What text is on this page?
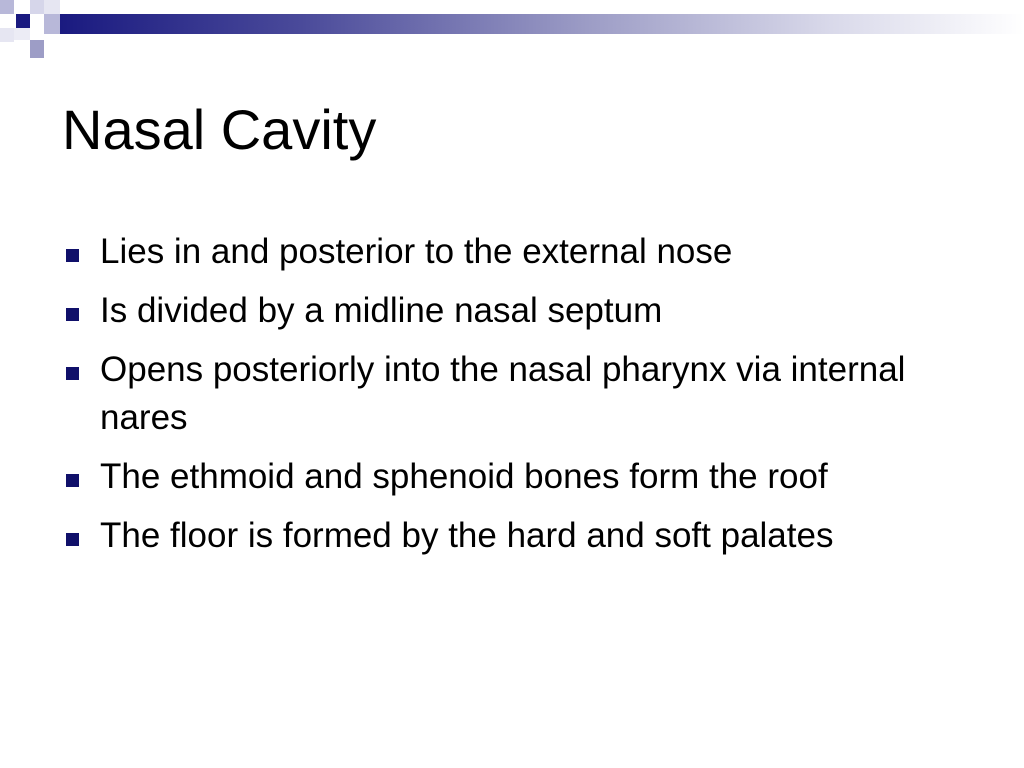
Nasal Cavity
Lies in and posterior to the external nose
Is divided by a midline nasal septum
Opens posteriorly into the nasal pharynx via internal nares
The ethmoid and sphenoid bones form the roof
The floor is formed by the hard and soft palates
